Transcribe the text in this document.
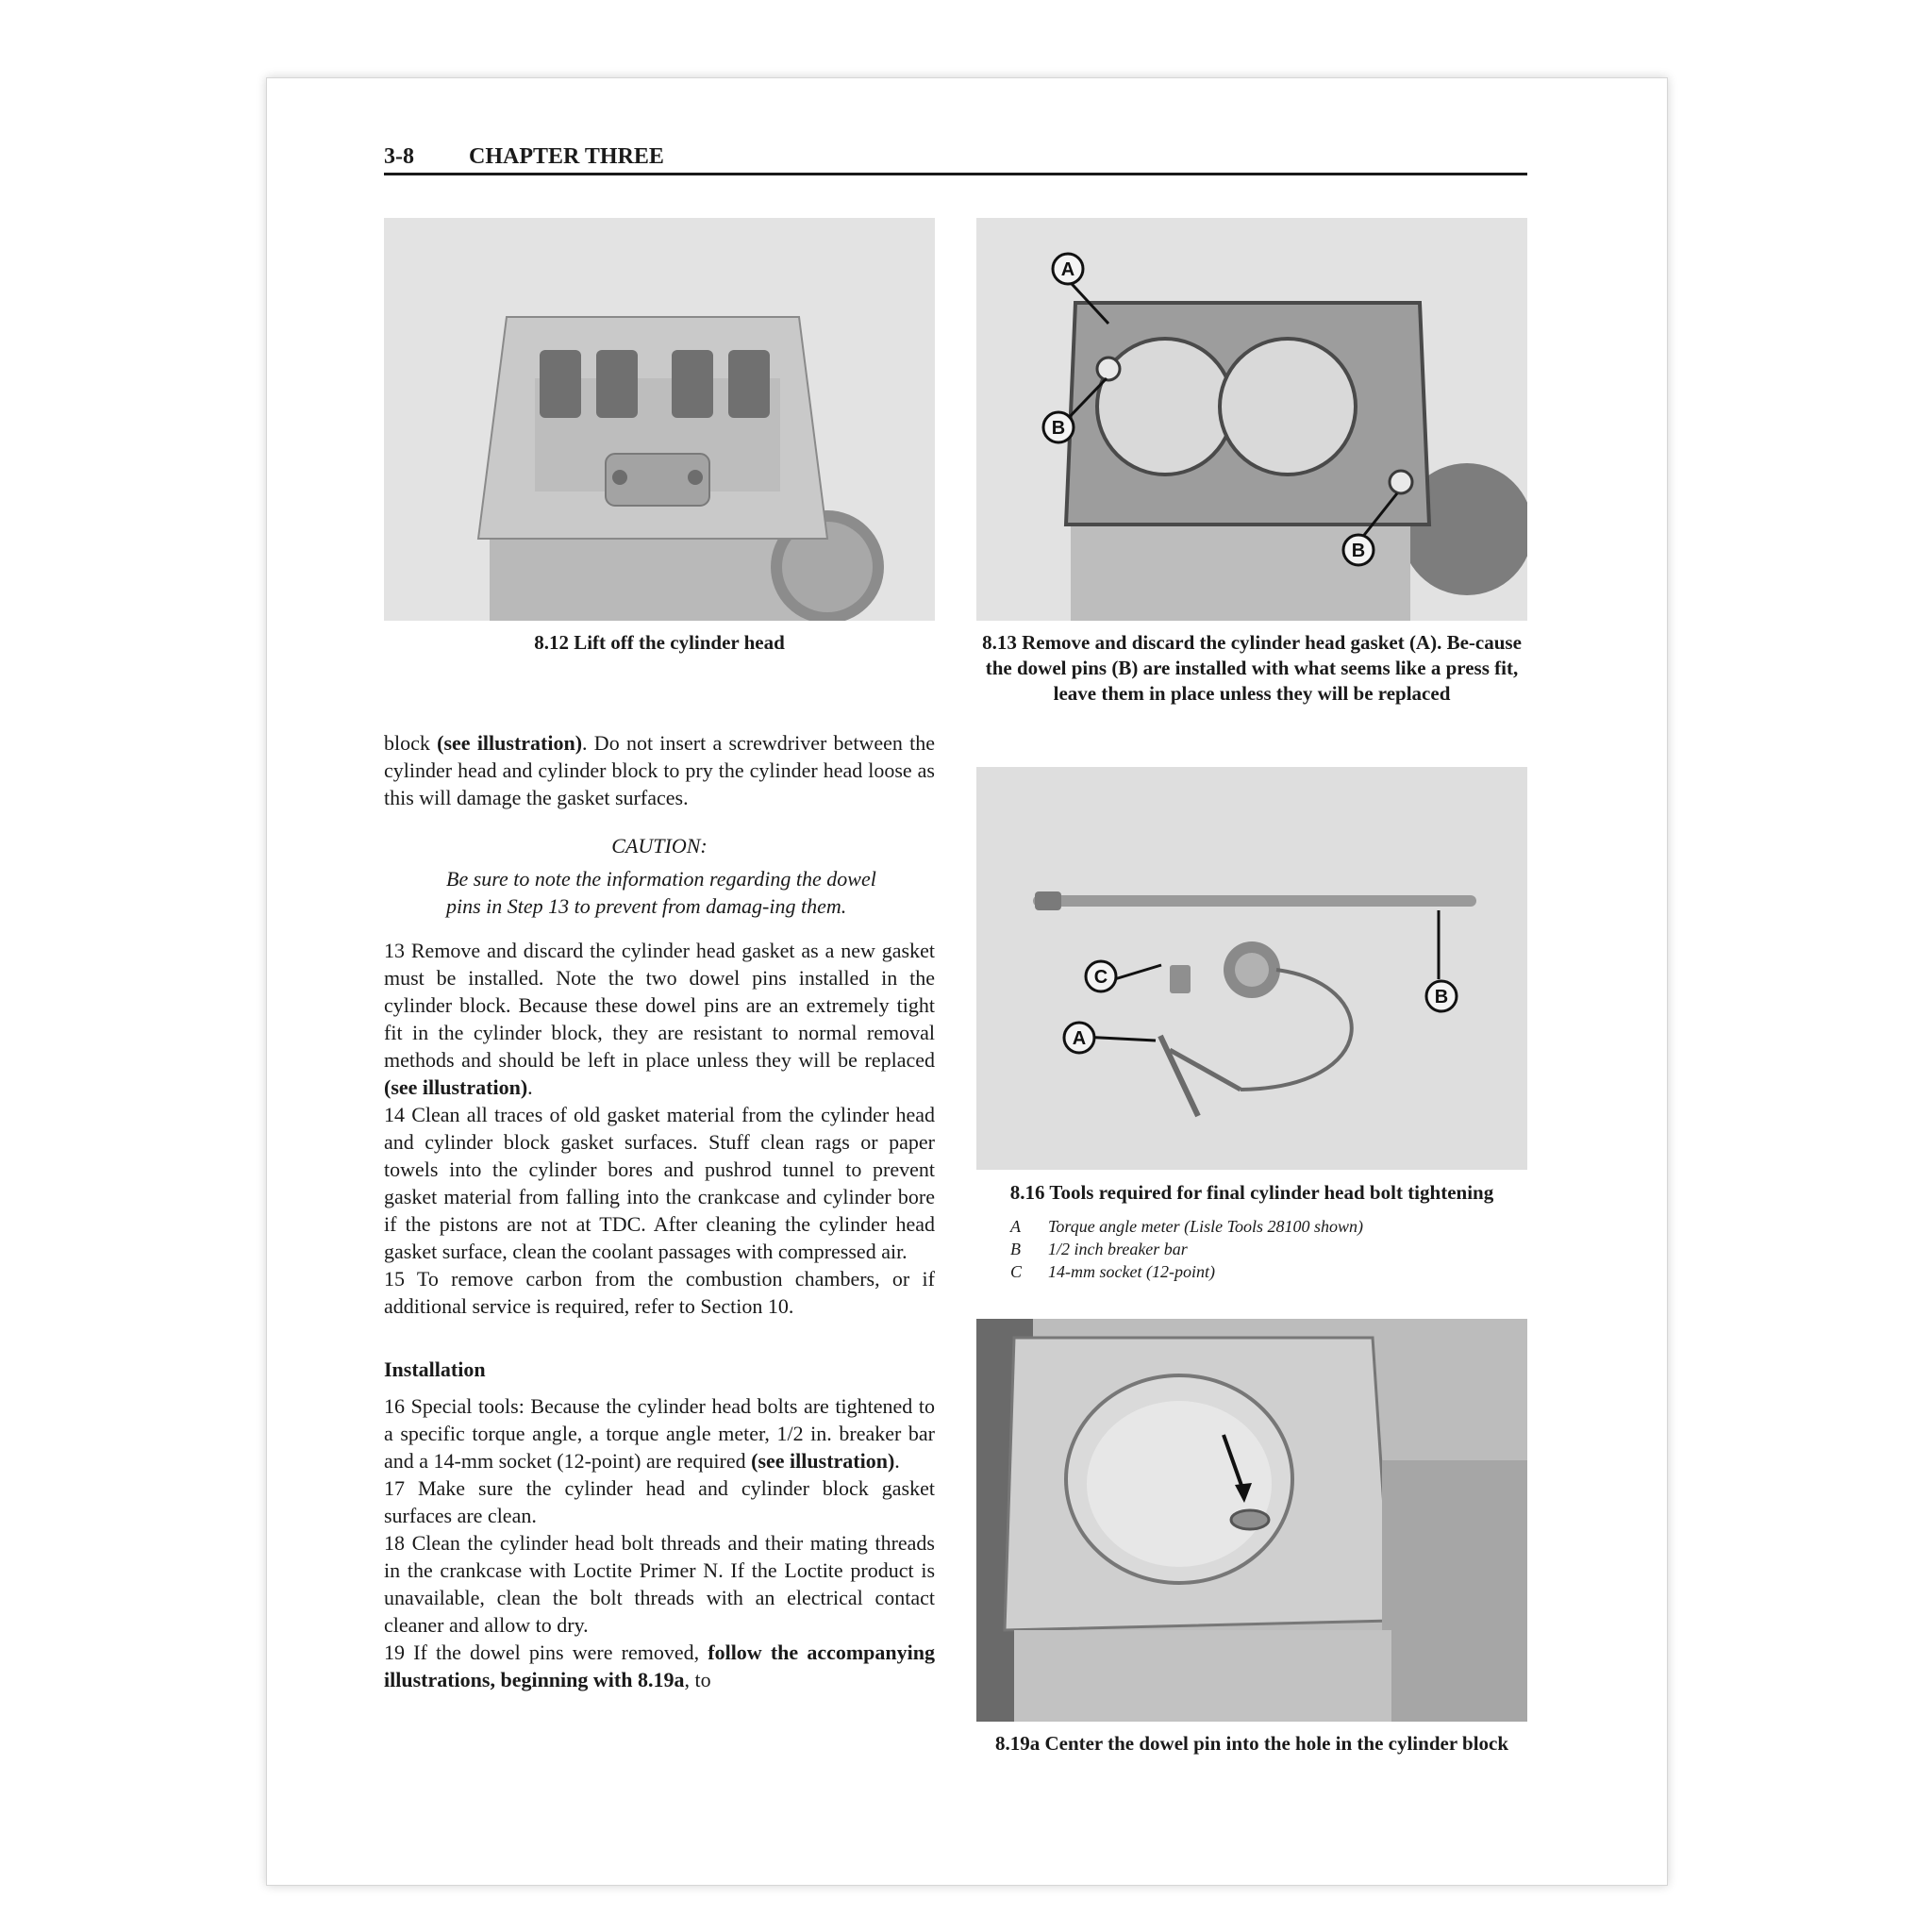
3-8 CHAPTER THREE
8.12 Lift off the cylinder head
A
B
B
8.13 Remove and discard the cylinder head gasket (A). Be-cause the dowel pins (B) are installed with what seems like a press fit, leave them in place unless they will be replaced
C
B
A
8.16 Tools required for final cylinder head bolt tightening
A	Torque angle meter (Lisle Tools 28100 shown)
B	1/2 inch breaker bar
C	14-mm socket (12-point)
8.19a Center the dowel pin into the hole in the cylinder block

block (see illustration). Do not insert a screwdriver between the cylinder head and cylinder block to pry the cylinder head loose as this will damage the gasket surfaces.

CAUTION:
Be sure to note the information regarding the dowel pins in Step 13 to prevent from damag-ing them.

13 Remove and discard the cylinder head gasket as a new gasket must be installed. Note the two dowel pins installed in the cylinder block. Because these dowel pins are an extremely tight fit in the cylinder block, they are resistant to normal removal methods and should be left in place unless they will be replaced (see illustration).

14 Clean all traces of old gasket material from the cylinder head and cylinder block gasket surfaces. Stuff clean rags or paper towels into the cylinder bores and pushrod tunnel to prevent gasket material from falling into the crankcase and cylinder bore if the pistons are not at TDC. After cleaning the cylinder head gasket surface, clean the coolant passages with compressed air.

15 To remove carbon from the combustion chambers, or if additional service is required, refer to Section 10.

Installation

16 Special tools: Because the cylinder head bolts are tightened to a specific torque angle, a torque angle meter, 1/2 in. breaker bar and a 14-mm socket (12-point) are required (see illustration).

17 Make sure the cylinder head and cylinder block gasket surfaces are clean.

18 Clean the cylinder head bolt threads and their mating threads in the crankcase with Loctite Primer N. If the Loctite product is unavailable, clean the bolt threads with an electrical contact cleaner and allow to dry.

19 If the dowel pins were removed, follow the accompanying illustrations, beginning with 8.19a, to
